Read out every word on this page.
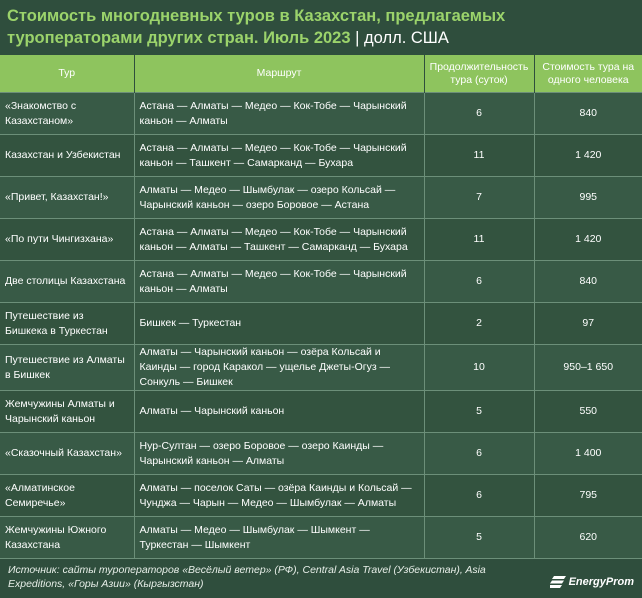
Стоимость многодневных туров в Казахстан, предлагаемых туроператорами других стран. Июль 2023 | долл. США
Тур	Маршрут	Продолжительность тура (суток)	Стоимость тура на одного человека
«Знакомство с Казахстаном»	Астана — Алматы — Медео — Кок-Тобе — Чарынский каньон — Алматы	6	840
Казахстан и Узбекистан	Астана — Алматы — Медео — Кок-Тобе — Чарынский каньон — Ташкент — Самарканд — Бухара	11	1 420
«Привет, Казахстан!»	Алматы — Медео — Шымбулак — озеро Кольсай — Чарынский каньон — озеро Боровое — Астана	7	995
«По пути Чингизхана»	Астана — Алматы — Медео — Кок-Тобе — Чарынский каньон — Алматы — Ташкент — Самарканд — Бухара	11	1 420
Две столицы Казахстана	Астана — Алматы — Медео — Кок-Тобе — Чарынский каньон — Алматы	6	840
Путешествие из Бишкека в Туркестан	Бишкек — Туркестан	2	97
Путешествие из Алматы в Бишкек	Алматы — Чарынский каньон — озёра Кольсай и Каинды — город Каракол — ущелье Джеты-Огуз — Сонкуль — Бишкек	10	950–1 650
Жемчужины Алматы и Чарынский каньон	Алматы — Чарынский каньон	5	550
«Сказочный Казахстан»	Нур-Султан — озеро Боровое — озеро Каинды — Чарынский каньон — Алматы	6	1 400
«Алматинское Семиречье»	Алматы — поселок Саты — озёра Каинды и Кольсай — Чунджа — Чарын — Медео — Шымбулак — Алматы	6	795
Жемчужины Южного Казахстана	Алматы — Медео — Шымбулак — Шымкент — Туркестан — Шымкент	5	620
Источник: сайты туроператоров «Весёлый ветер» (РФ), Central Asia Travel (Узбекистан), Asia Expeditions, «Горы Азии» (Кыргызстан)	EnergyProm
